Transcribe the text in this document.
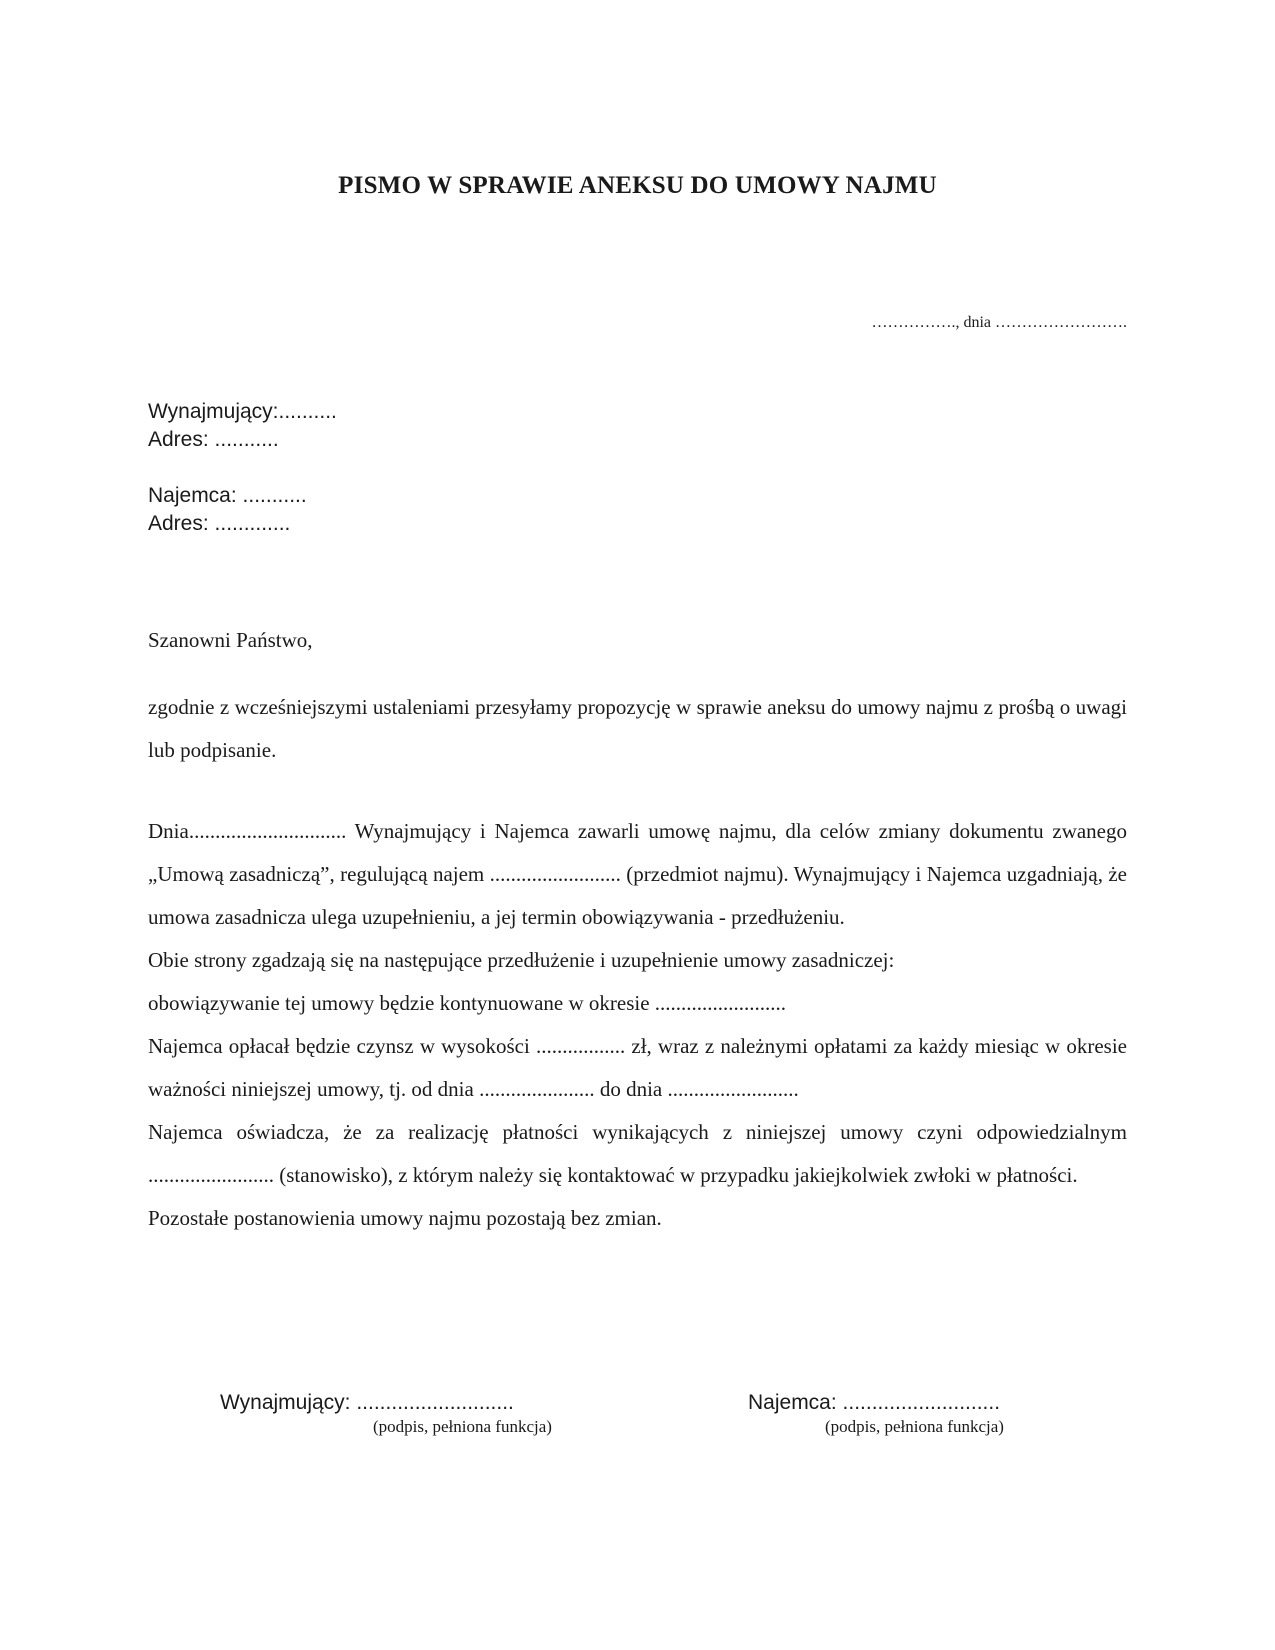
PISMO W SPRAWIE ANEKSU DO UMOWY NAJMU
……………., dnia …………………….
Wynajmujący:..........
Adres: ...........
Najemca: ...........
Adres: .............
Szanowni Państwo,
zgodnie z wcześniejszymi ustaleniami przesyłamy propozycję w sprawie aneksu do umowy najmu z prośbą o uwagi lub podpisanie.

Dnia.............................. Wynajmujący i Najemca zawarli umowę najmu, dla celów zmiany dokumentu zwanego „Umową zasadniczą”, regulującą najem ......................... (przedmiot najmu). Wynajmujący i Najemca uzgadniają, że umowa zasadnicza ulega uzupełnieniu, a jej termin obowiązywania - przedłużeniu.

Obie strony zgadzają się na następujące przedłużenie i uzupełnienie umowy zasadniczej:

obowiązywanie tej umowy będzie kontynuowane w okresie .........................

Najemca opłacał będzie czynsz w wysokości ................. zł, wraz z należnymi opłatami za każdy miesiąc w okresie ważności niniejszej umowy, tj. od dnia ...................... do dnia .........................

Najemca oświadcza, że za realizację płatności wynikających z niniejszej umowy czyni odpowiedzialnym ........................ (stanowisko), z którym należy się kontaktować w przypadku jakiejkolwiek zwłoki w płatności.

Pozostałe postanowienia umowy najmu pozostają bez zmian.

Wynajmujący: ...........................
(podpis, pełniona funkcja)
Najemca: ...........................
(podpis, pełniona funkcja)
